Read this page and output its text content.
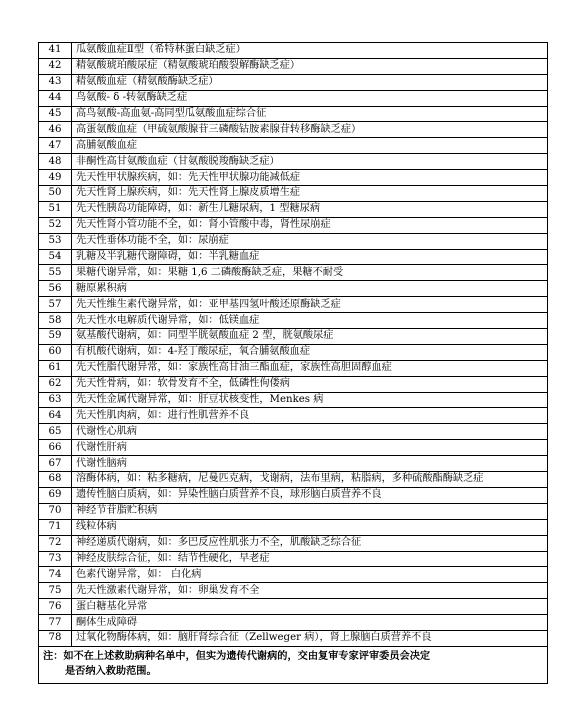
41	瓜氨酸血症Ⅱ型（希特林蛋白缺乏症）
42	精氨酸琥珀酸尿症（精氨酸琥珀酸裂解酶缺乏症）
43	精氨酸血症（精氨酸酶缺乏症）
44	鸟氨酸- δ -转氨酶缺乏症
45	高鸟氨酸-高血氨-高同型瓜氨酸血症综合征
46	高蛋氨酸血症（甲硫氨酸腺苷三磷酸钴胺素腺苷转移酶缺乏症）
47	高脯氨酸血症
48	非酮性高甘氨酸血症（甘氨酸脱羧酶缺乏症）
49	先天性甲状腺疾病，如：先天性甲状腺功能减低症
50	先天性肾上腺疾病，如：先天性肾上腺皮质增生症
51	先天性胰岛功能障碍，如：新生儿糖尿病，1 型糖尿病
52	先天性肾小管功能不全，如：肾小管酸中毒，肾性尿崩症
53	先天性垂体功能不全，如：尿崩症
54	乳糖及半乳糖代谢障碍，如：半乳糖血症
55	果糖代谢异常，如：果糖 1,6 二磷酸酶缺乏症，果糖不耐受
56	糖原累积病
57	先天性维生素代谢异常，如：亚甲基四氢叶酸还原酶缺乏症
58	先天性水电解质代谢异常，如：低镁血症
59	氨基酸代谢病，如：同型半胱氨酸血症 2 型，胱氨酸尿症
60	有机酸代谢病，如：4-羟丁酸尿症，氧合脯氨酸血症
61	先天性脂代谢异常，如：家族性高甘油三酯血症，家族性高胆固醇血症
62	先天性骨病，如：软骨发育不全，低磷性佝偻病
63	先天性金属代谢异常，如：肝豆状核变性，Menkes 病
64	先天性肌肉病，如：进行性肌营养不良
65	代谢性心肌病
66	代谢性肝病
67	代谢性脑病
68	溶酶体病，如：粘多糖病，尼曼匹克病，戈谢病，法布里病，粘脂病，多种硫酸酯酶缺乏症
69	遗传性脑白质病，如：异染性脑白质营养不良，球形脑白质营养不良
70	神经节苷脂贮积病
71	线粒体病
72	神经递质代谢病，如：多巴反应性肌张力不全，肌酸缺乏综合征
73	神经皮肤综合征，如：结节性硬化，早老症
74	色素代谢异常，如： 白化病
75	先天性激素代谢异常，如：卵巢发育不全
76	蛋白糖基化异常
77	酮体生成障碍
78	过氧化物酶体病，如：脑肝肾综合征（Zellweger 病），肾上腺脑白质营养不良
注：如不在上述救助病种名单中，但实为遗传代谢病的，交由复审专家评审委员会决定
是否纳入救助范围。	
